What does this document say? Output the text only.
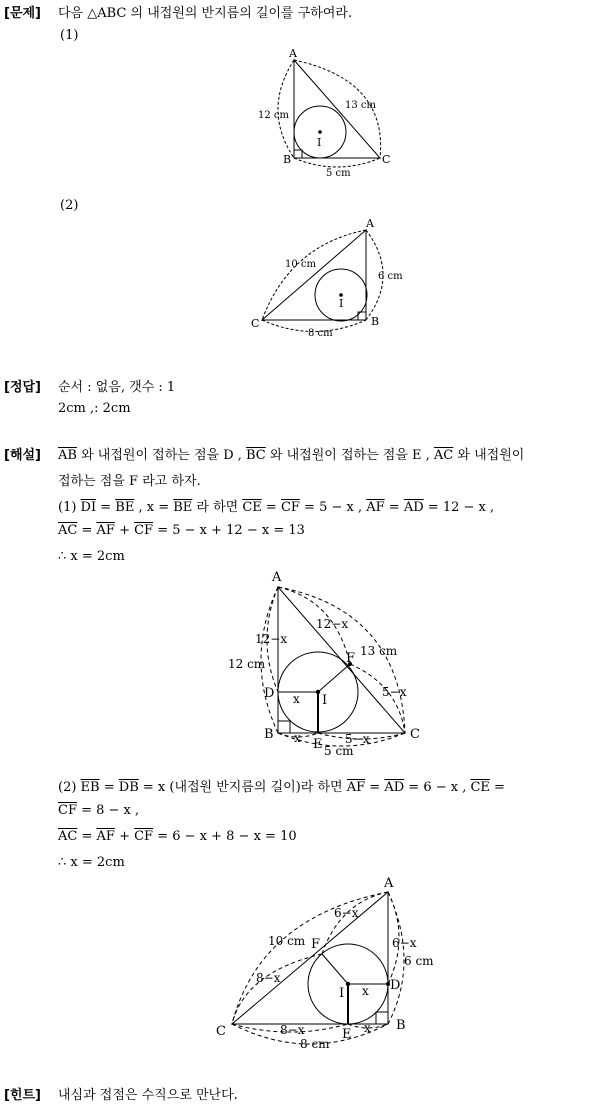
[문제] 다음 △ABC 의 내접원의 반지름의 길이를 구하여라.
(1)
A
B	C
I
12 cm
13 cm
5 cm
(2)
A
B
C
I
10 cm
6 cm
8 cm
[정답] 순서 : 없음, 갯수 : 1
2cm ,: 2cm
[해설] $\overline{AB}$ 와 내접원이 접하는 점을 D , $\overline{BC}$ 와 내접원이 접하는 점을 E , $\overline{AC}$ 와 내접원이
접하는 점을 F 라고 하자.
(1) $\overline{DI} = \overline{BE}$ , $x = \overline{BE}$ 라 하면 $\overline{CE} = \overline{CF} = 5 - x$ , $\overline{AF} = \overline{AD} = 12 - x$ ,
$\overline{AC} = \overline{AF} + \overline{CF} = 5 - x + 12 - x = 13$
∴ x = 2cm
A
B	C
D
E
F
I
12 cm
13 cm
5 cm
12−x
12−x
5−x
5−x
x
x
(2) $\overline{EB} = \overline{DB} = x$ (내접원 반지름의 길이)라 하면 $\overline{AF} = \overline{AD} = 6 - x$ , $\overline{CE}$ =
$\overline{CF} = 8 - x$ ,
$\overline{AC} = \overline{AF} + \overline{CF} = 6 - x + 8 - x = 10$
∴ x = 2cm
A
B
C
D
E
F
I
10 cm
6 cm
8 cm
6−x
6−x
8−x
8−x	x
x
[힌트] 내심과 접점은 수직으로 만난다.
